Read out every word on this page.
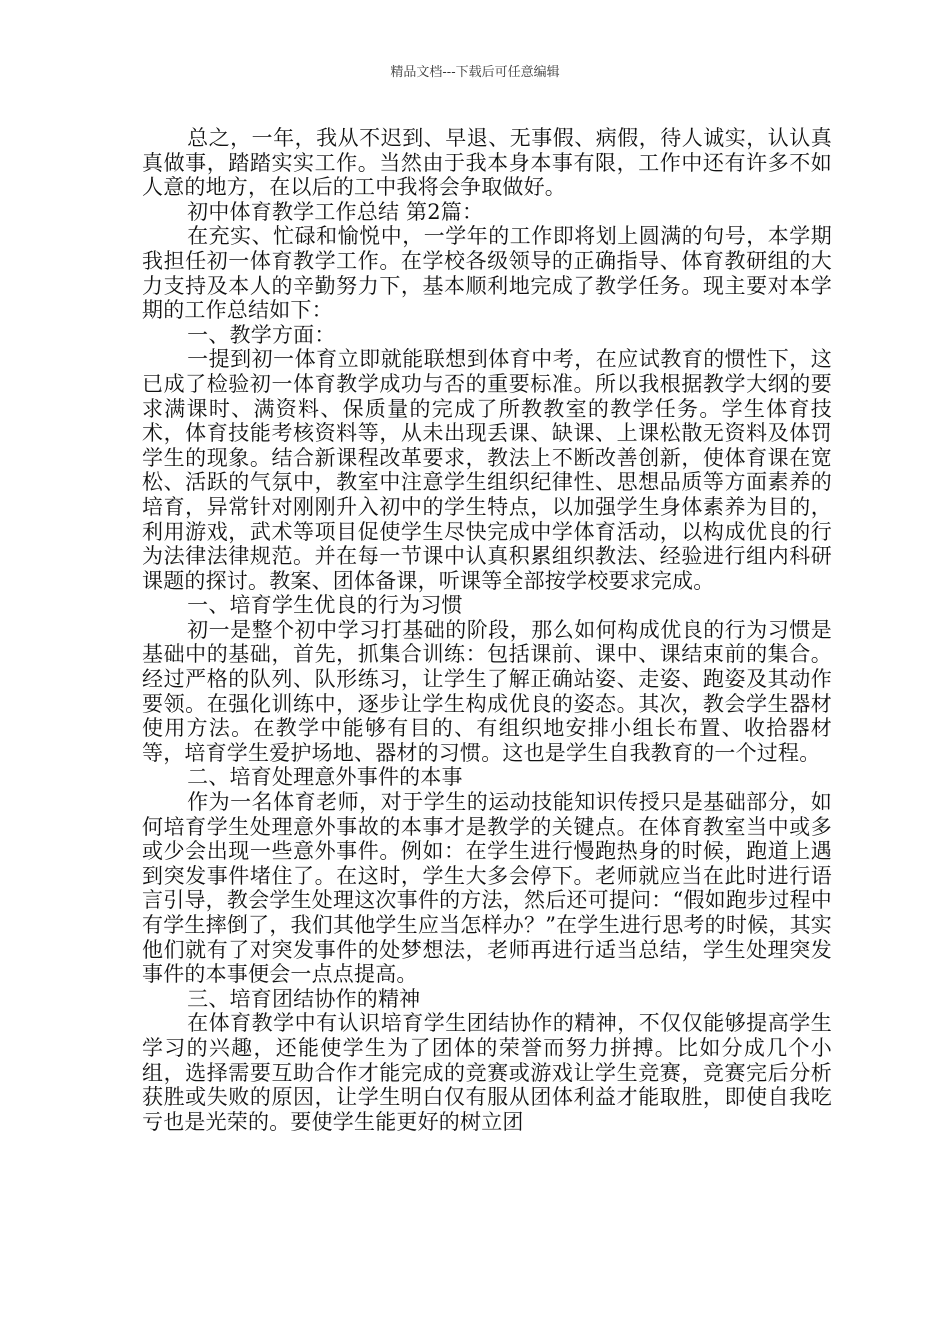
精品文档---下载后可任意编辑

总之，一年，我从不迟到、早退、无事假、病假，待人诚实，认认真真做事，踏踏实实工作。当然由于我本身本事有限，工作中还有许多不如人意的地方，在以后的工中我将会争取做好。

初中体育教学工作总结 第2篇：

在充实、忙碌和愉悦中，一学年的工作即将划上圆满的句号，本学期我担任初一体育教学工作。在学校各级领导的正确指导、体育教研组的大力支持及本人的辛勤努力下，基本顺利地完成了教学任务。现主要对本学期的工作总结如下：

一、教学方面：

一提到初一体育立即就能联想到体育中考，在应试教育的惯性下，这已成了检验初一体育教学成功与否的重要标准。所以我根据教学大纲的要求满课时、满资料、保质量的完成了所教教室的教学任务。学生体育技术，体育技能考核资料等，从未出现丢课、缺课、上课松散无资料及体罚学生的现象。结合新课程改革要求，教法上不断改善创新，使体育课在宽松、活跃的气氛中，教室中注意学生组织纪律性、思想品质等方面素养的培育，异常针对刚刚升入初中的学生特点，以加强学生身体素养为目的，利用游戏，武术等项目促使学生尽快完成中学体育活动，以构成优良的行为法律法律规范。并在每一节课中认真积累组织教法、经验进行组内科研课题的探讨。教案、团体备课，听课等全部按学校要求完成。

一、培育学生优良的行为习惯

初一是整个初中学习打基础的阶段，那么如何构成优良的行为习惯是基础中的基础，首先，抓集合训练：包括课前、课中、课结束前的集合。经过严格的队列、队形练习，让学生了解正确站姿、走姿、跑姿及其动作要领。在强化训练中，逐步让学生构成优良的姿态。其次，教会学生器材使用方法。在教学中能够有目的、有组织地安排小组长布置、收拾器材等，培育学生爱护场地、器材的习惯。这也是学生自我教育的一个过程。

二、培育处理意外事件的本事

作为一名体育老师，对于学生的运动技能知识传授只是基础部分，如何培育学生处理意外事故的本事才是教学的关键点。在体育教室当中或多或少会出现一些意外事件。例如：在学生进行慢跑热身的时候，跑道上遇到突发事件堵住了。在这时，学生大多会停下。老师就应当在此时进行语言引导，教会学生处理这次事件的方法，然后还可提问：“假如跑步过程中有学生摔倒了，我们其他学生应当怎样办？”在学生进行思考的时候，其实他们就有了对突发事件的处梦想法，老师再进行适当总结，学生处理突发事件的本事便会一点点提高。

三、培育团结协作的精神

在体育教学中有认识培育学生团结协作的精神，不仅仅能够提高学生学习的兴趣，还能使学生为了团体的荣誉而努力拼搏。比如分成几个小组，选择需要互助合作才能完成的竞赛或游戏让学生竞赛，竞赛完后分析获胜或失败的原因，让学生明白仅有服从团体利益才能取胜，即使自我吃亏也是光荣的。要使学生能更好的树立团
